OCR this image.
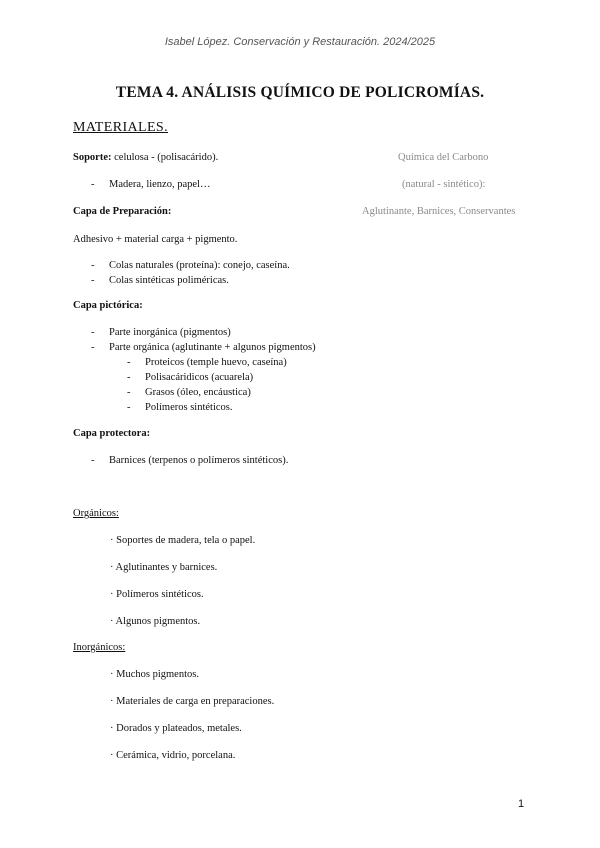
Isabel López. Conservación y Restauración. 2024/2025
TEMA 4. ANÁLISIS QUÍMICO DE POLICROMÍAS.
MATERIALES.
Soporte: celulosa - (polisacárido).	Química del Carbono
- Madera, lienzo, papel…	(natural - sintético):
Capa de Preparación:	Aglutinante, Barnices, Conservantes
Adhesivo + material carga + pigmento.
- Colas naturales (proteína): conejo, caseína.
- Colas sintéticas poliméricas.
Capa pictórica:
- Parte inorgánica (pigmentos)
- Parte orgánica (aglutinante + algunos pigmentos)
- Proteicos (temple huevo, caseína)
- Polisacáridicos (acuarela)
- Grasos (óleo, encáustica)
- Polímeros sintéticos.
Capa protectora:
- Barnices (terpenos o polímeros sintéticos).
Orgánicos:
· Soportes de madera, tela o papel.
· Aglutinantes y barnices.
· Polímeros sintéticos.
· Algunos pigmentos.
Inorgánicos:
· Muchos pigmentos.
· Materiales de carga en preparaciones.
· Dorados y plateados, metales.
· Cerámica, vidrio, porcelana.
1
